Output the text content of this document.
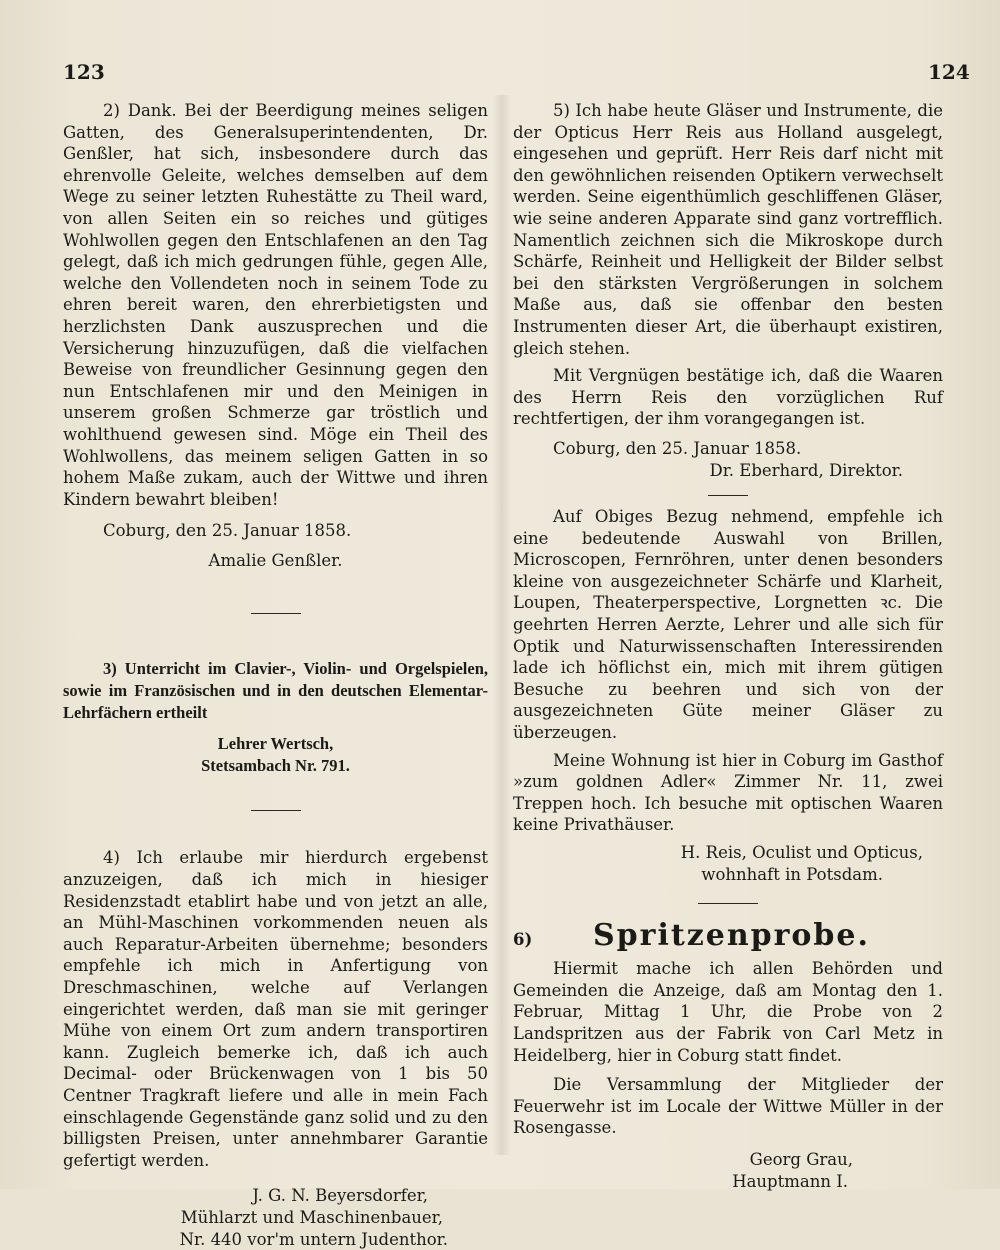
123	124

2) Dank. Bei der Beerdigung meines seligen Gatten, des Generalsuperintendenten, Dr. Genßler, hat sich, insbesondere durch das ehrenvolle Geleite, welches demselben auf dem Wege zu seiner letzten Ruhestätte zu Theil ward, von allen Seiten ein so reiches und gütiges Wohlwollen gegen den Entschlafenen an den Tag gelegt, daß ich mich gedrungen fühle, gegen Alle, welche den Vollendeten noch in seinem Tode zu ehren bereit waren, den ehrerbietigsten und herzlichsten Dank auszusprechen und die Versicherung hinzuzufügen, daß die vielfachen Beweise von freundlicher Gesinnung gegen den nun Entschlafenen mir und den Meinigen in unserem großen Schmerze gar tröstlich und wohlthuend gewesen sind. Möge ein Theil des Wohlwollens, das meinem seligen Gatten in so hohem Maße zukam, auch der Wittwe und ihren Kindern bewahrt bleiben!

Coburg, den 25. Januar 1858.

Amalie Genßler.

3) Unterricht im Clavier-, Violin- und Orgelspielen, sowie im Französischen und in den deutschen Elementar-Lehrfächern ertheilt

Lehrer Wertsch,

Stetsambach Nr. 791.

4) Ich erlaube mir hierdurch ergebenst anzuzeigen, daß ich mich in hiesiger Residenzstadt etablirt habe und von jetzt an alle, an Mühl-Maschinen vorkommenden neuen als auch Reparatur-Arbeiten übernehme; besonders empfehle ich mich in Anfertigung von Dreschmaschinen, welche auf Verlangen eingerichtet werden, daß man sie mit geringer Mühe von einem Ort zum andern transportiren kann. Zugleich bemerke ich, daß ich auch Decimal- oder Brückenwagen von 1 bis 50 Centner Tragkraft liefere und alle in mein Fach einschlagende Gegenstände ganz solid und zu den billigsten Preisen, unter annehmbarer Garantie gefertigt werden.

J. G. N. Beyersdorfer,

Mühlarzt und Maschinenbauer,

Nr. 440 vor'm untern Judenthor.

5) Ich habe heute Gläser und Instrumente, die der Opticus Herr Reis aus Holland ausgelegt, eingesehen und geprüft. Herr Reis darf nicht mit den gewöhnlichen reisenden Optikern verwechselt werden. Seine eigenthümlich geschliffenen Gläser, wie seine anderen Apparate sind ganz vortrefflich. Namentlich zeichnen sich die Mikroskope durch Schärfe, Reinheit und Helligkeit der Bilder selbst bei den stärksten Vergrößerungen in solchem Maße aus, daß sie offenbar den besten Instrumenten dieser Art, die überhaupt existiren, gleich stehen.

Mit Vergnügen bestätige ich, daß die Waaren des Herrn Reis den vorzüglichen Ruf rechtfertigen, der ihm vorangegangen ist.

Coburg, den 25. Januar 1858.

Dr. Eberhard, Direktor.

Auf Obiges Bezug nehmend, empfehle ich eine bedeutende Auswahl von Brillen, Microscopen, Fernröhren, unter denen besonders kleine von ausgezeichneter Schärfe und Klarheit, Loupen, Theaterperspective, Lorgnetten ꝛc. Die geehrten Herren Aerzte, Lehrer und alle sich für Optik und Naturwissenschaften Interessirenden lade ich höflichst ein, mich mit ihrem gütigen Besuche zu beehren und sich von der ausgezeichneten Güte meiner Gläser zu überzeugen.

Meine Wohnung ist hier in Coburg im Gasthof »zum goldnen Adler« Zimmer Nr. 11, zwei Treppen hoch. Ich besuche mit optischen Waaren keine Privathäuser.

H. Reis, Oculist und Opticus,

wohnhaft in Potsdam.

6)	Spritzenprobe.

Hiermit mache ich allen Behörden und Gemeinden die Anzeige, daß am Montag den 1. Februar, Mittag 1 Uhr, die Probe von 2 Landspritzen aus der Fabrik von Carl Metz in Heidelberg, hier in Coburg statt findet.

Die Versammlung der Mitglieder der Feuerwehr ist im Locale der Wittwe Müller in der Rosengasse.

Georg Grau,

Hauptmann I.
